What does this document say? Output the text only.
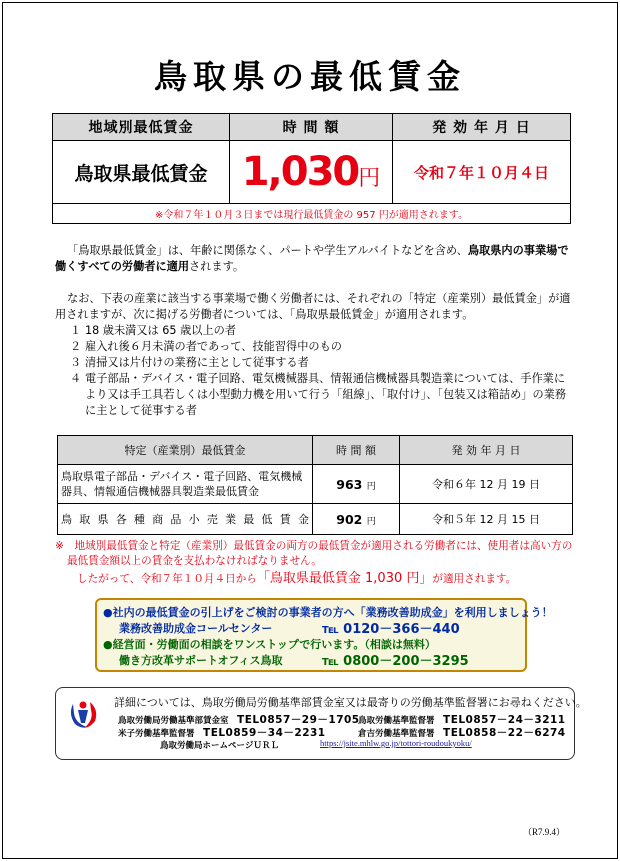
鳥取県の最低賃金
地域別最低賃金	時 間 額	発 効 年 月 日
鳥取県最低賃金	1,030円	令和７年１０月４日
※令和７年１０月３日までは現行最低賃金の 957 円が適用されます。		
「鳥取県最低賃金」は、年齢に関係なく、パートや学生アルバイトなどを含め、鳥取県内の事業場で働くすべての労働者に適用されます。
なお、下表の産業に該当する事業場で働く労働者には、それぞれの「特定（産業別）最低賃金」が適用されますが、次に掲げる労働者については、「鳥取県最低賃金」が適用されます。
１ 18 歳未満又は 65 歳以上の者
２ 雇入れ後６月未満の者であって、技能習得中のもの
３ 清掃又は片付けの業務に主として従事する者
４ 電子部品・デバイス・電子回路、電気機械器具、情報通信機械器具製造業については、手作業により又は手工具若しくは小型動力機を用いて行う「組線」、「取付け」、「包装又は箱詰め」の業務に主として従事する者
特定（産業別）最低賃金	時 間 額	発 効 年 月 日
鳥取県電子部品・デバイス・電子回路、電気機械器具、情報通信機械器具製造業最低賃金	963 円	令和６年 12 月 19 日
鳥取県各種商品小売業最低賃金	902 円	令和５年 12 月 15 日
※　地域別最低賃金と特定（産業別）最低賃金の両方の最低賃金が適用される労働者には、使用者は高い方の最低賃金額以上の賃金を支払わなければなりません。
したがって、令和７年１０月４日から「鳥取県最低賃金 1,030 円」が適用されます。
●社内の最低賃金の引上げをご検討の事業者の方へ「業務改善助成金」を利用しましょう！
業務改善助成金コールセンター	℡ 0120－366－440
●経営面・労働面の相談をワンストップで行います。（相談は無料）
働き方改革サポートオフィス鳥取	℡ 0800－200－3295
詳細については、鳥取労働局労働基準部賃金室又は最寄りの労働基準監督署にお尋ねください。
鳥取労働局労働基準部賃金室　 TEL0857－29－1705
鳥取労働基準監督署　 TEL0857－24－3211
米子労働基準監督署　 TEL0859－34－2231	倉吉労働基準監督署　 TEL0858－22－6274
鳥取労働局ホームページＵＲＬ	https://jsite.mhlw.go.jp/tottori-roudoukyoku/
（R7.9.4）
